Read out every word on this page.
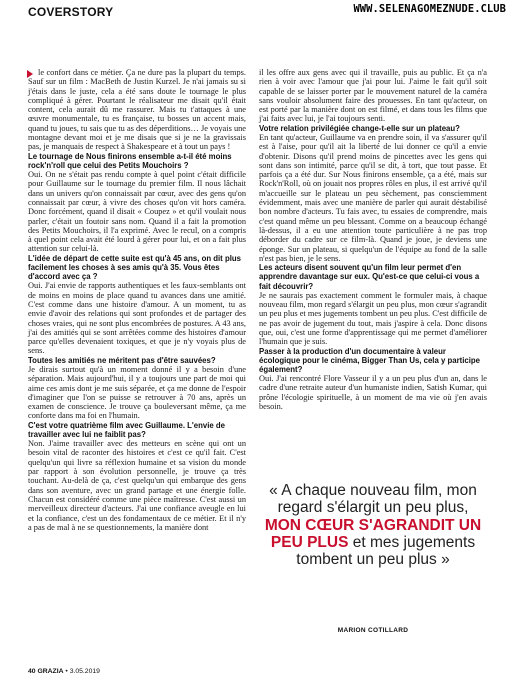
COVERSTORY	WWW.SELENAGOMEZNUDE.CLUB

le confort dans ce métier. Ça ne dure pas la plupart du temps. Sauf sur un film : MacBeth de Justin Kurzel. Je n'ai jamais su si j'étais dans le juste, cela a été sans doute le tournage le plus compliqué à gérer. Pourtant le réalisateur me disait qu'il était content, cela aurait dû me rassurer. Mais tu t'attaques à une œuvre monumentale, tu es française, tu bosses un accent mais, quand tu joues, tu sais que tu as des déperditions… Je voyais une montagne devant moi et je me disais que si je ne la gravissais pas, je manquais de respect à Shakespeare et à tout un pays !

Le tournage de Nous finirons ensemble a-t-il été moins rock'n'roll que celui des Petits Mouchoirs ?

Oui. On ne s'était pas rendu compte à quel point c'était difficile pour Guillaume sur le tournage du premier film. Il nous lâchait dans un univers qu'on connaissait par cœur, avec des gens qu'on connaissait par cœur, à vivre des choses qu'on vit hors caméra. Donc forcément, quand il disait « Coupez » et qu'il voulait nous parler, c'était un foutoir sans nom. Quand il a fait la promotion des Petits Mouchoirs, il l'a exprimé. Avec le recul, on a compris à quel point cela avait été lourd à gérer pour lui, et on a fait plus attention sur celui-là.

L'idée de départ de cette suite est qu'à 45 ans, on dit plus facilement les choses à ses amis qu'à 35. Vous êtes d'accord avec ça ?

Oui. J'ai envie de rapports authentiques et les faux-semblants ont de moins en moins de place quand tu avances dans une amitié. C'est comme dans une histoire d'amour. A un moment, tu as envie d'avoir des relations qui sont profondes et de partager des choses vraies, qui ne sont plus encombrées de postures. A 43 ans, j'ai des amitiés qui se sont arrêtées comme des histoires d'amour parce qu'elles devenaient toxiques, et que je n'y voyais plus de sens.

Toutes les amitiés ne méritent pas d'être sauvées?

Je dirais surtout qu'à un moment donné il y a besoin d'une séparation. Mais aujourd'hui, il y a toujours une part de moi qui aime ces amis dont je me suis séparée, et ça me donne de l'espoir d'imaginer que l'on se puisse se retrouver à 70 ans, après un examen de conscience. Je trouve ça bouleversant même, ça me conforte dans ma foi en l'humain.

C'est votre quatrième film avec Guillaume. L'envie de travailler avec lui ne faiblit pas?

Non. J'aime travailler avec des metteurs en scène qui ont un besoin vital de raconter des histoires et c'est ce qu'il fait. C'est quelqu'un qui livre sa réflexion humaine et sa vision du monde par rapport à son évolution personnelle, je trouve ça très touchant. Au-delà de ça, c'est quelqu'un qui embarque des gens dans son aventure, avec un grand partage et une énergie folle. Chacun est considéré comme une pièce maîtresse. C'est aussi un merveilleux directeur d'acteurs. J'ai une confiance aveugle en lui et la confiance, c'est un des fondamentaux de ce métier. Et il n'y a pas de mal à ne se questionnements, la manière dont

il les offre aux gens avec qui il travaille, puis au public. Et ça n'a rien à voir avec l'amour que j'ai pour lui. J'aime le fait qu'il soit capable de se laisser porter par le mouvement naturel de la caméra sans vouloir absolument faire des prouesses. En tant qu'acteur, on est porté par la manière dont on est filmé, et dans tous les films que j'ai faits avec lui, je l'ai toujours senti.

Votre relation privilégiée change-t-elle sur un plateau?

En tant qu'acteur, Guillaume va en prendre soin, il va s'assurer qu'il est à l'aise, pour qu'il ait la liberté de lui donner ce qu'il a envie d'obtenir. Disons qu'il prend moins de pincettes avec les gens qui sont dans son intimité, parce qu'il se dit, à tort, que tout passe. Et parfois ça a été dur. Sur Nous finirons ensemble, ça a été, mais sur Rock'n'Roll, où on jouait nos propres rôles en plus, il est arrivé qu'il m'accueille sur le plateau un peu sèchement, pas consciemment évidemment, mais avec une manière de parler qui aurait déstabilisé bon nombre d'acteurs. Tu fais avec, tu essaies de comprendre, mais c'est quand même un peu blessant. Comme on a beaucoup échangé là-dessus, il a eu une attention toute particulière à ne pas trop déborder du cadre sur ce film-là. Quand je joue, je deviens une éponge. Sur un plateau, si quelqu'un de l'équipe au fond de la salle n'est pas bien, je le sens.

Les acteurs disent souvent qu'un film leur permet d'en apprendre davantage sur eux. Qu'est-ce que celui-ci vous a fait découvrir?

Je ne saurais pas exactement comment le formuler mais, à chaque nouveau film, mon regard s'élargit un peu plus, mon cœur s'agrandit un peu plus et mes jugements tombent un peu plus. C'est difficile de ne pas avoir de jugement du tout, mais j'aspire à cela. Donc disons que, oui, c'est une forme d'apprentissage qui me permet d'améliorer l'humain que je suis.

Passer à la production d'un documentaire à valeur écologique pour le cinéma, Bigger Than Us, cela y participe également?

Oui. J'ai rencontré Flore Vasseur il y a un peu plus d'un an, dans le cadre d'une retraite auteur d'un humaniste indien, Satish Kumar, qui prône l'écologie spirituelle, à un moment de ma vie où j'en avais besoin.

« A chaque nouveau film, mon regard s'élargit un peu plus, MON CŒUR S'AGRANDIT UN PEU PLUS et mes jugements tombent un peu plus »
MARION COTILLARD
40 GRAZIA • 3.05.2019
